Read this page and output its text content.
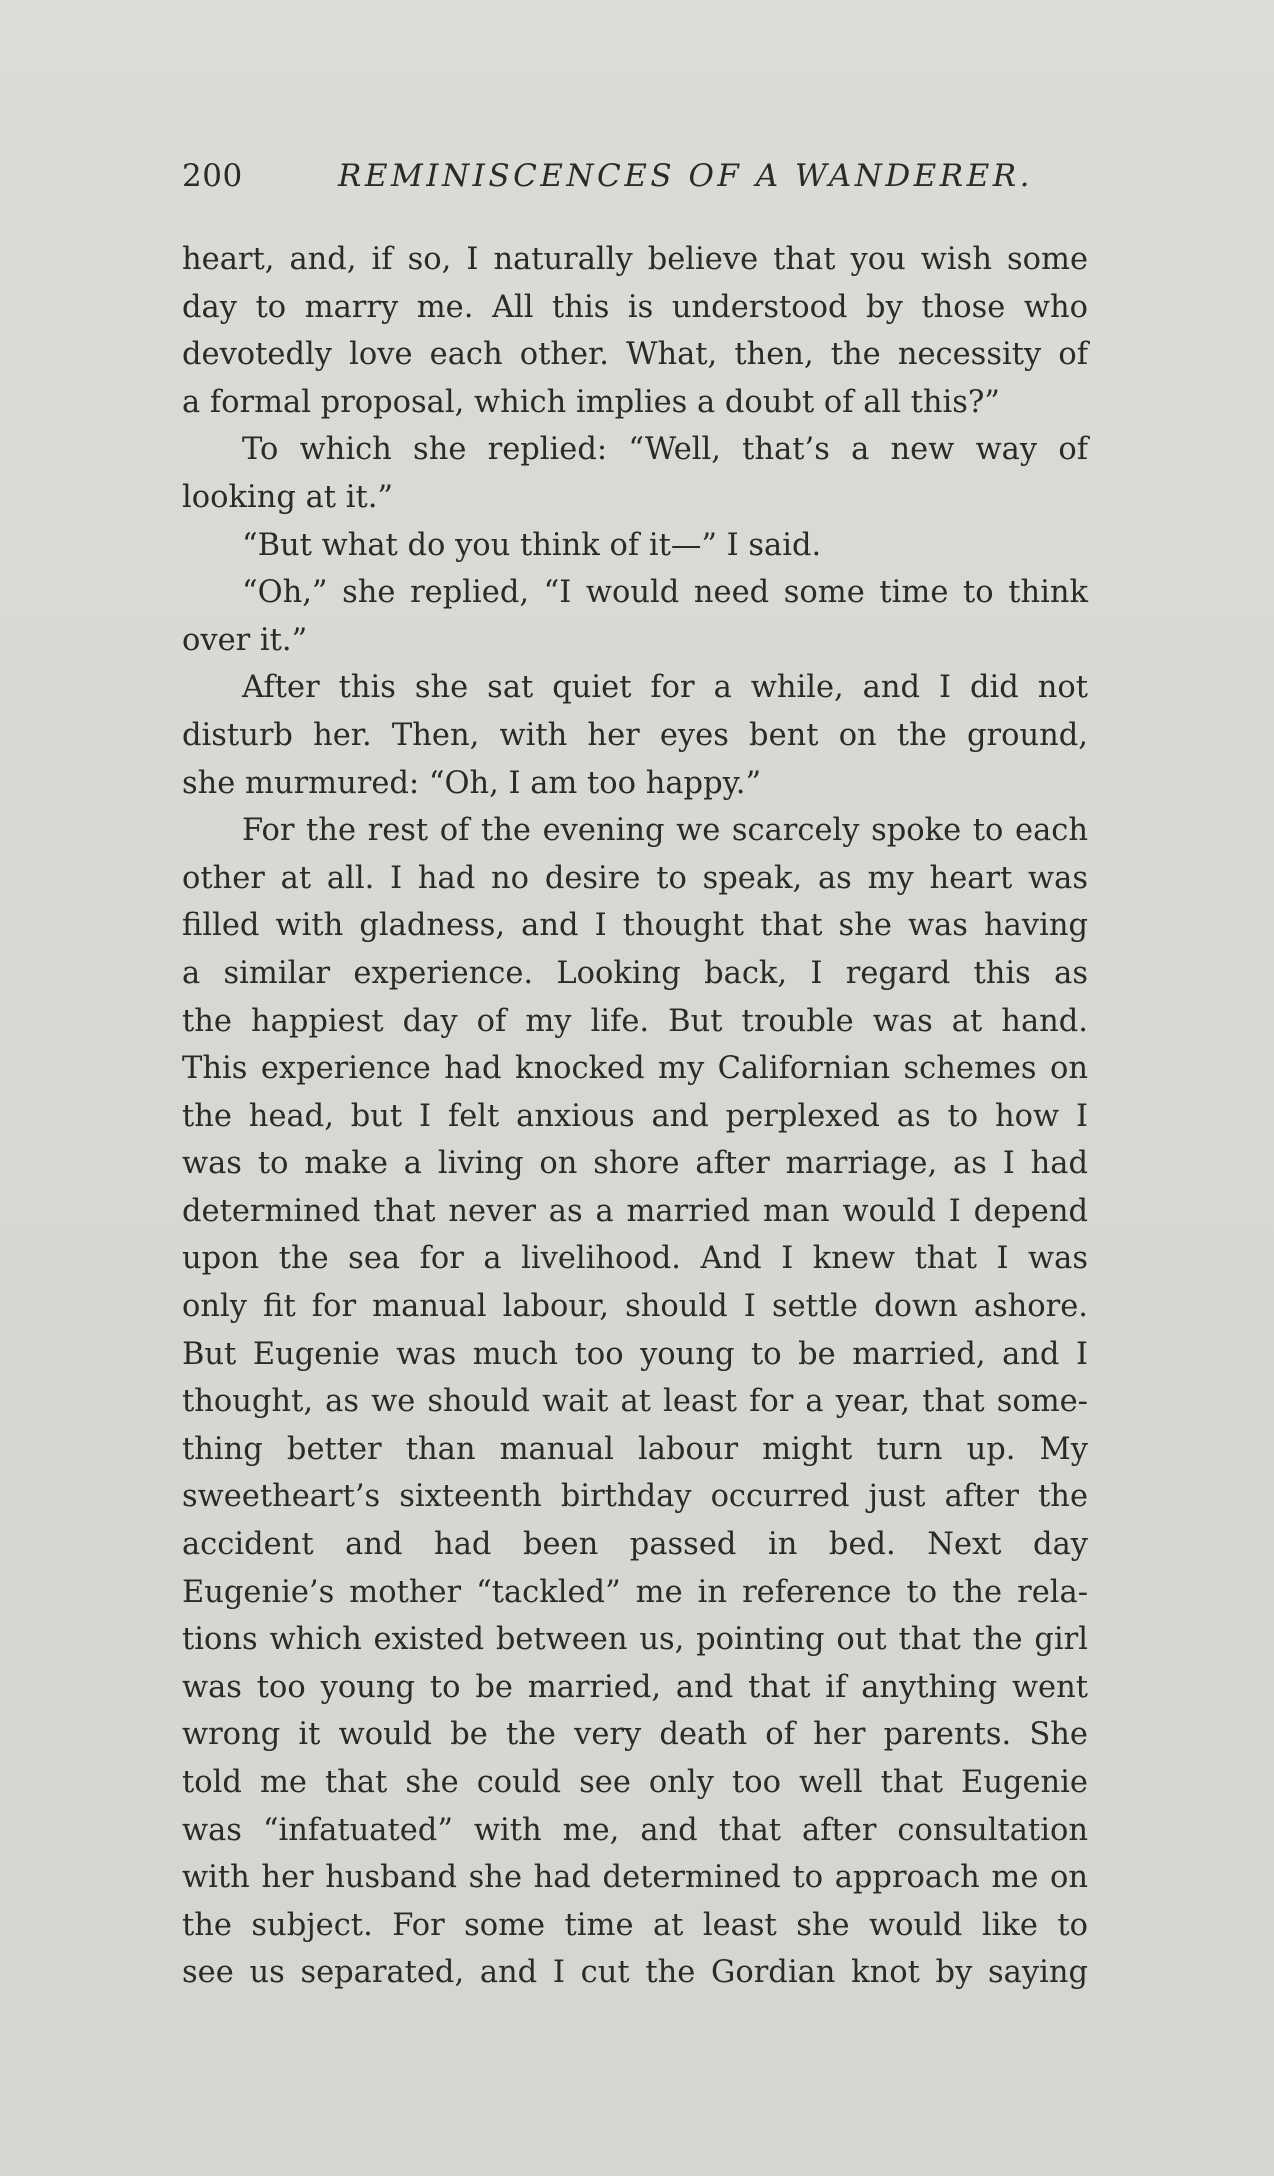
200	REMINISCENCES OF A WANDERER.
heart, and, if so, I naturally believe that you wish some
day to marry me. All this is understood by those who
devotedly love each other. What, then, the necessity of
a formal proposal, which implies a doubt of all this?”
To which she replied: “Well, that’s a new way of
looking at it.”
“But what do you think of it—” I said.
“Oh,” she replied, “I would need some time to think
over it.”
After this she sat quiet for a while, and I did not
disturb her. Then, with her eyes bent on the ground,
she murmured: “Oh, I am too happy.”
For the rest of the evening we scarcely spoke to each
other at all. I had no desire to speak, as my heart was
filled with gladness, and I thought that she was having
a similar experience. Looking back, I regard this as
the happiest day of my life. But trouble was at hand.
This experience had knocked my Californian schemes on
the head, but I felt anxious and perplexed as to how I
was to make a living on shore after marriage, as I had
determined that never as a married man would I depend
upon the sea for a livelihood. And I knew that I was
only fit for manual labour, should I settle down ashore.
But Eugenie was much too young to be married, and I
thought, as we should wait at least for a year, that some-
thing better than manual labour might turn up. My
sweetheart’s sixteenth birthday occurred just after the
accident and had been passed in bed. Next day
Eugenie’s mother “tackled” me in reference to the rela-
tions which existed between us, pointing out that the girl
was too young to be married, and that if anything went
wrong it would be the very death of her parents. She
told me that she could see only too well that Eugenie
was “infatuated” with me, and that after consultation
with her husband she had determined to approach me on
the subject. For some time at least she would like to
see us separated, and I cut the Gordian knot by saying
